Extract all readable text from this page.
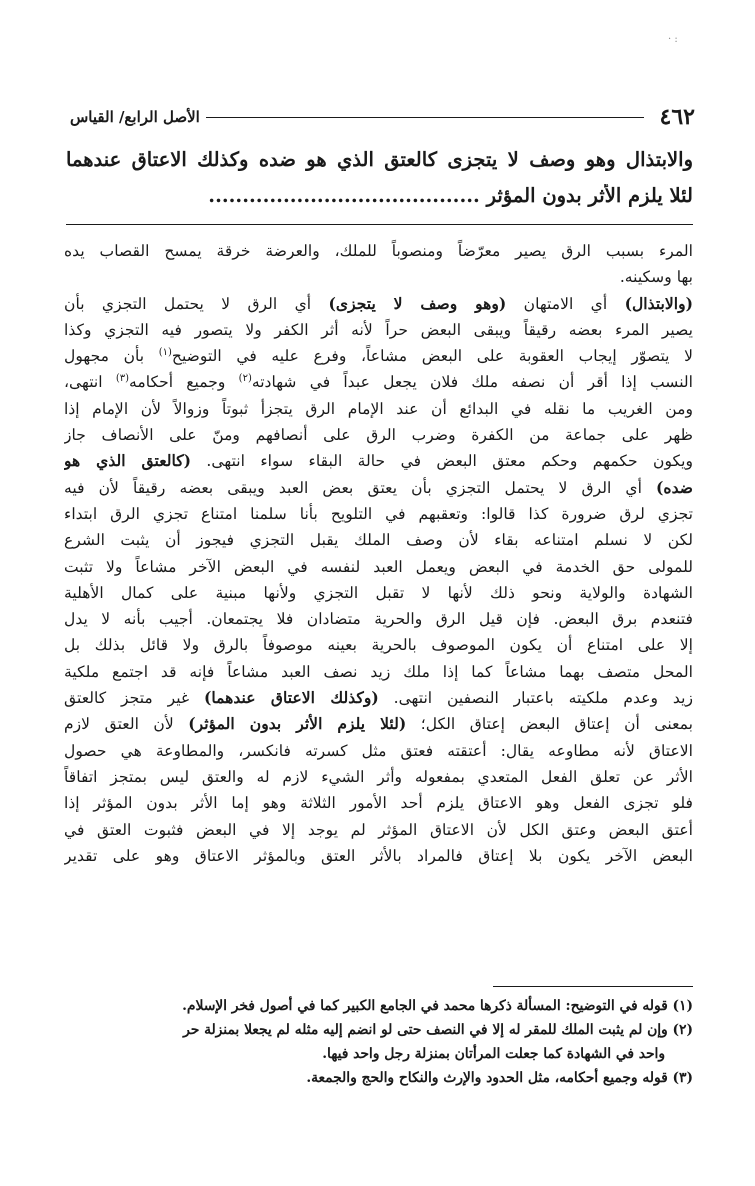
· :
٤٦٢
الأصل الرابع/ القياس
والابتذال وهو وصف لا يتجزى كالعتق الذي هو ضده وكذلك الاعتاق عندهما
لئلا يلزم الأثر بدون المؤثر ........................................
المرء بسبب الرق يصير معرّضاً ومنصوباً للملك، والعرضة خرقة يمسح القصاب يده
بها وسكينه.
(والابتذال) أي الامتهان (وهو وصف لا يتجزى) أي الرق لا يحتمل التجزي بأن
يصير المرء بعضه رقيقاً ويبقى البعض حراً لأنه أثر الكفر ولا يتصور فيه التجزي وكذا
لا يتصوّر إيجاب العقوبة على البعض مشاعاً، وفرع عليه في التوضيح$^{(١)}$ بأن مجهول
النسب إذا أقر أن نصفه ملك فلان يجعل عبداً في شهادته$^{(٢)}$ وجميع أحكامه$^{(٣)}$ انتهى،
ومن الغريب ما نقله في البدائع أن عند الإمام الرق يتجزأ ثبوتاً وزوالاً لأن الإمام إذا
ظهر على جماعة من الكفرة وضرب الرق على أنصافهم ومنّ على الأنصاف جاز
ويكون حكمهم وحكم معتق البعض في حالة البقاء سواء انتهى. (كالعتق الذي هو
ضده) أي الرق لا يحتمل التجزي بأن يعتق بعض العبد ويبقى بعضه رقيقاً لأن فيه
تجزي لرق ضرورة كذا قالوا: وتعقبهم في التلويح بأنا سلمنا امتناع تجزي الرق ابتداء
لكن لا نسلم امتناعه بقاء لأن وصف الملك يقبل التجزي فيجوز أن يثبت الشرع
للمولى حق الخدمة في البعض ويعمل العبد لنفسه في البعض الآخر مشاعاً ولا تثبت
الشهادة والولاية ونحو ذلك لأنها لا تقبل التجزي ولأنها مبنية على كمال الأهلية
فتنعدم برق البعض. فإن قيل الرق والحرية متضادان فلا يجتمعان. أجيب بأنه لا يدل
إلا على امتناع أن يكون الموصوف بالحرية بعينه موصوفاً بالرق ولا قائل بذلك بل
المحل متصف بهما مشاعاً كما إذا ملك زيد نصف العبد مشاعاً فإنه قد اجتمع ملكية
زيد وعدم ملكيته باعتبار النصفين انتهى. (وكذلك الاعتاق عندهما) غير متجز كالعتق
بمعنى أن إعتاق البعض إعتاق الكل؛ (لئلا يلزم الأثر بدون المؤثر) لأن العتق لازم
الاعتاق لأنه مطاوعه يقال: أعتقته فعتق مثل كسرته فانكسر، والمطاوعة هي حصول
الأثر عن تعلق الفعل المتعدي بمفعوله وأثر الشيء لازم له والعتق ليس بمتجز اتفاقاً
فلو تجزى الفعل وهو الاعتاق يلزم أحد الأمور الثلاثة وهو إما الأثر بدون المؤثر إذا
أعتق البعض وعتق الكل لأن الاعتاق المؤثر لم يوجد إلا في البعض فثبوت العتق في
البعض الآخر يكون بلا إعتاق فالمراد بالأثر العتق وبالمؤثر الاعتاق وهو على تقدير
(١) قوله في التوضيح: المسألة ذكرها محمد في الجامع الكبير كما في أصول فخر الإسلام.
(٢) وإن لم يثبت الملك للمقر له إلا في النصف حتى لو انضم إليه مثله لم يجعلا بمنزلة حر
واحد في الشهادة كما جعلت المرأتان بمنزلة رجل واحد فيها.
(٣) قوله وجميع أحكامه، مثل الحدود والإرث والنكاح والحج والجمعة.
